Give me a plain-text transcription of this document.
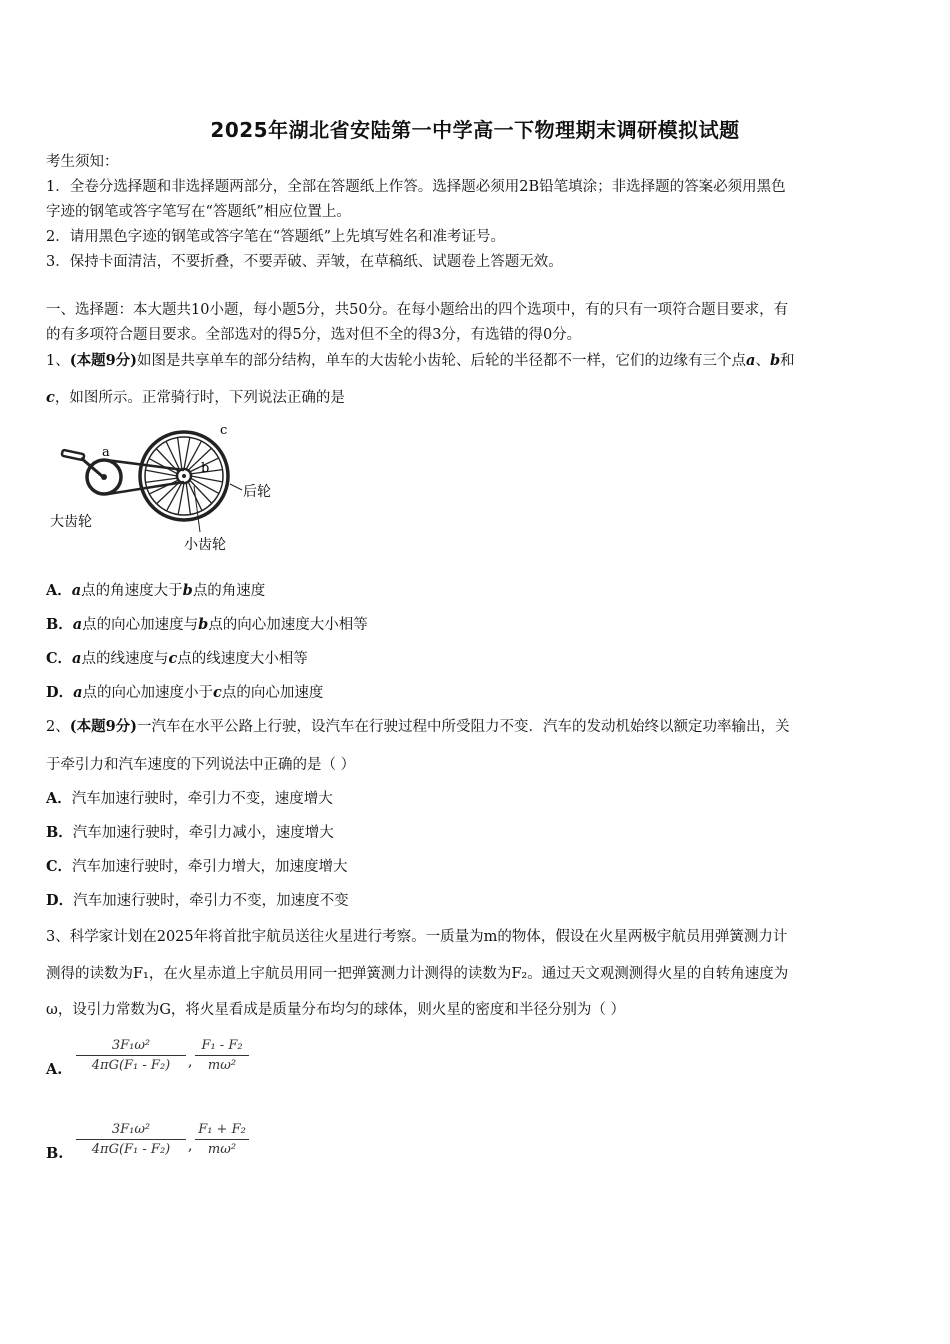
2025年湖北省安陆第一中学高一下物理期末调研模拟试题
考生须知：
1．全卷分选择题和非选择题两部分，全部在答题纸上作答。选择题必须用2B铅笔填涂；非选择题的答案必须用黑色
字迹的钢笔或答字笔写在“答题纸”相应位置上。
2．请用黑色字迹的钢笔或答字笔在“答题纸”上先填写姓名和准考证号。
3．保持卡面清洁，不要折叠，不要弄破、弄皱，在草稿纸、试题卷上答题无效。
一、选择题：本大题共10小题，每小题5分，共50分。在每小题给出的四个选项中，有的只有一项符合题目要求，有
的有多项符合题目要求。全部选对的得5分，选对但不全的得3分，有选错的得0分。
1、(本题9分)如图是共享单车的部分结构，单车的大齿轮小齿轮、后轮的半径都不一样，它们的边缘有三个点a、b和
c，如图所示。正常骑行时，下列说法正确的是
a
b
c
后轮
大齿轮
小齿轮
A．a点的角速度大于b点的角速度
B．a点的向心加速度与b点的向心加速度大小相等
C．a点的线速度与c点的线速度大小相等
D．a点的向心加速度小于c点的向心加速度
2、(本题9分)一汽车在水平公路上行驶，设汽车在行驶过程中所受阻力不变．汽车的发动机始终以额定功率输出，关
于牵引力和汽车速度的下列说法中正确的是（ ）
A．汽车加速行驶时，牵引力不变，速度增大
B．汽车加速行驶时，牵引力减小，速度增大
C．汽车加速行驶时，牵引力增大，加速度增大
D．汽车加速行驶时，牵引力不变，加速度不变
3、科学家计划在2025年将首批宇航员送往火星进行考察。一质量为m的物体，假设在火星两极宇航员用弹簧测力计
测得的读数为F₁，在火星赤道上宇航员用同一把弹簧测力计测得的读数为F₂。通过天文观测测得火星的自转角速度为
ω，设引力常数为G，将火星看成是质量分布均匀的球体，则火星的密度和半径分别为（ ）
A.
3F₁ω²
4πG(F₁ - F₂)	,
F₁ - F₂
mω²
B.
3F₁ω²
4πG(F₁ - F₂)	,
F₁ + F₂
mω²
